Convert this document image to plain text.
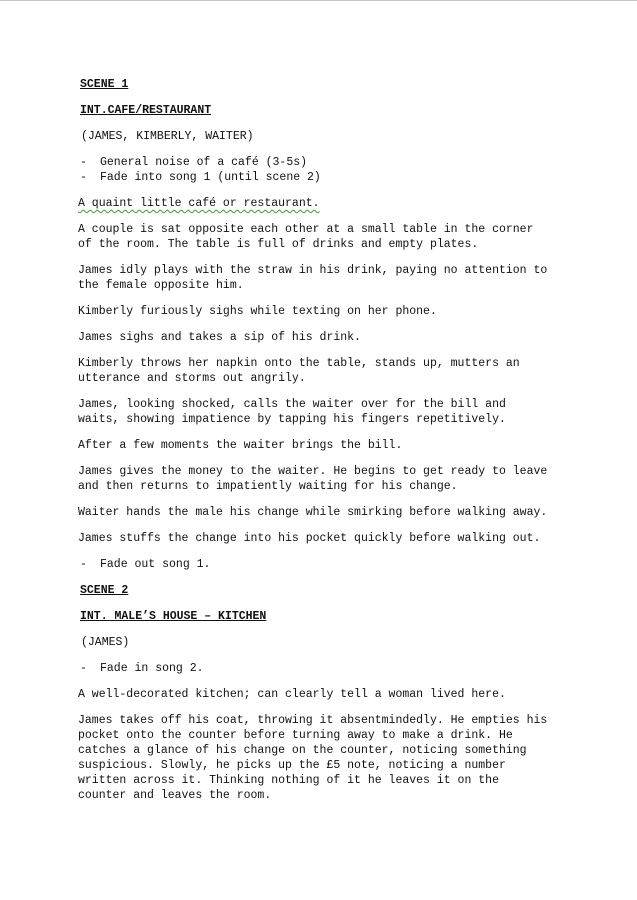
SCENE 1
INT.CAFE/RESTAURANT
(JAMES, KIMBERLY, WAITER)
-	General noise of a café (3-5s)
-	Fade into song 1 (until scene 2)
A quaint little café or restaurant.
A couple is sat opposite each other at a small table in the corner
of the room. The table is full of drinks and empty plates.
James idly plays with the straw in his drink, paying no attention to
the female opposite him.
Kimberly furiously sighs while texting on her phone.
James sighs and takes a sip of his drink.
Kimberly throws her napkin onto the table, stands up, mutters an
utterance and storms out angrily.
James, looking shocked, calls the waiter over for the bill and
waits, showing impatience by tapping his fingers repetitively.
After a few moments the waiter brings the bill.
James gives the money to the waiter. He begins to get ready to leave
and then returns to impatiently waiting for his change.
Waiter hands the male his change while smirking before walking away.
James stuffs the change into his pocket quickly before walking out.
-	Fade out song 1.
SCENE 2
INT. MALE’S HOUSE – KITCHEN
(JAMES)
-	Fade in song 2.
A well-decorated kitchen; can clearly tell a woman lived here.
James takes off his coat, throwing it absentmindedly. He empties his
pocket onto the counter before turning away to make a drink. He
catches a glance of his change on the counter, noticing something
suspicious. Slowly, he picks up the £5 note, noticing a number
written across it. Thinking nothing of it he leaves it on the
counter and leaves the room.
